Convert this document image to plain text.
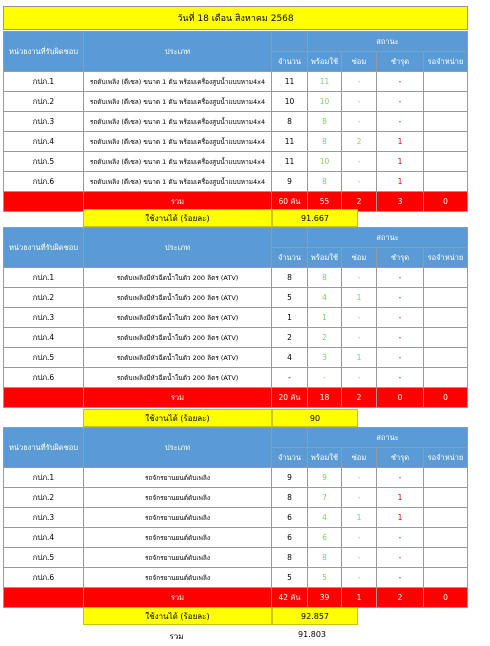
วันที่ 18 เดือน สิงหาคม 2568
หน่วยงานที่รับผิดชอบ	ประเภท		สถานะ			
		จำนวน	พร้อมใช้	ซ่อม	ชำรุด	รอจำหน่าย
กปภ.1	รถดับเพลิง (ดีเซล) ขนาด 1 ตัน พร้อมเครื่องสูบน้ำแบบหาม4x4	11	11	-	-	
กปภ.2	รถดับเพลิง (ดีเซล) ขนาด 1 ตัน พร้อมเครื่องสูบน้ำแบบหาม4x4	10	10	-	-	
กปภ.3	รถดับเพลิง (ดีเซล) ขนาด 1 ตัน พร้อมเครื่องสูบน้ำแบบหาม4x4	8	8	-	-	
กปภ.4	รถดับเพลิง (ดีเซล) ขนาด 1 ตัน พร้อมเครื่องสูบน้ำแบบหาม4x4	11	8	2	1	
กปภ.5	รถดับเพลิง (ดีเซล) ขนาด 1 ตัน พร้อมเครื่องสูบน้ำแบบหาม4x4	11	10	-	1	
กปภ.6	รถดับเพลิง (ดีเซล) ขนาด 1 ตัน พร้อมเครื่องสูบน้ำแบบหาม4x4	9	8	-	1	
	รวม	60 คัน	55	2	3	0
ใช้งานได้ (ร้อยละ)	91.667
หน่วยงานที่รับผิดชอบ	ประเภท		สถานะ			
		จำนวน	พร้อมใช้	ซ่อม	ชำรุด	รอจำหน่าย
กปภ.1	รถดับเพลิงมีหัวฉีดน้ำในตัว 200 ลิตร (ATV)	8	8	-	-	
กปภ.2	รถดับเพลิงมีหัวฉีดน้ำในตัว 200 ลิตร (ATV)	5	4	1	-	
กปภ.3	รถดับเพลิงมีหัวฉีดน้ำในตัว 200 ลิตร (ATV)	1	1	-	-	
กปภ.4	รถดับเพลิงมีหัวฉีดน้ำในตัว 200 ลิตร (ATV)	2	2	-	-	
กปภ.5	รถดับเพลิงมีหัวฉีดน้ำในตัว 200 ลิตร (ATV)	4	3	1	-	
กปภ.6	รถดับเพลิงมีหัวฉีดน้ำในตัว 200 ลิตร (ATV)	-	-	-	-	
	รวม	20 คัน	18	2	0	0
ใช้งานได้ (ร้อยละ)	90
หน่วยงานที่รับผิดชอบ	ประเภท		สถานะ			
		จำนวน	พร้อมใช้	ซ่อม	ชำรุด	รอจำหน่าย
กปภ.1	รถจักรยานยนต์ดับเพลิง	9	9	-	-	
กปภ.2	รถจักรยานยนต์ดับเพลิง	8	7	-	1	
กปภ.3	รถจักรยานยนต์ดับเพลิง	6	4	1	1	
กปภ.4	รถจักรยานยนต์ดับเพลิง	6	6	-	-	
กปภ.5	รถจักรยานยนต์ดับเพลิง	8	8	-	-	
กปภ.6	รถจักรยานยนต์ดับเพลิง	5	5	-	-	
	รวม	42 คัน	39	1	2	0
ใช้งานได้ (ร้อยละ)	92.857
รวม	91.803
